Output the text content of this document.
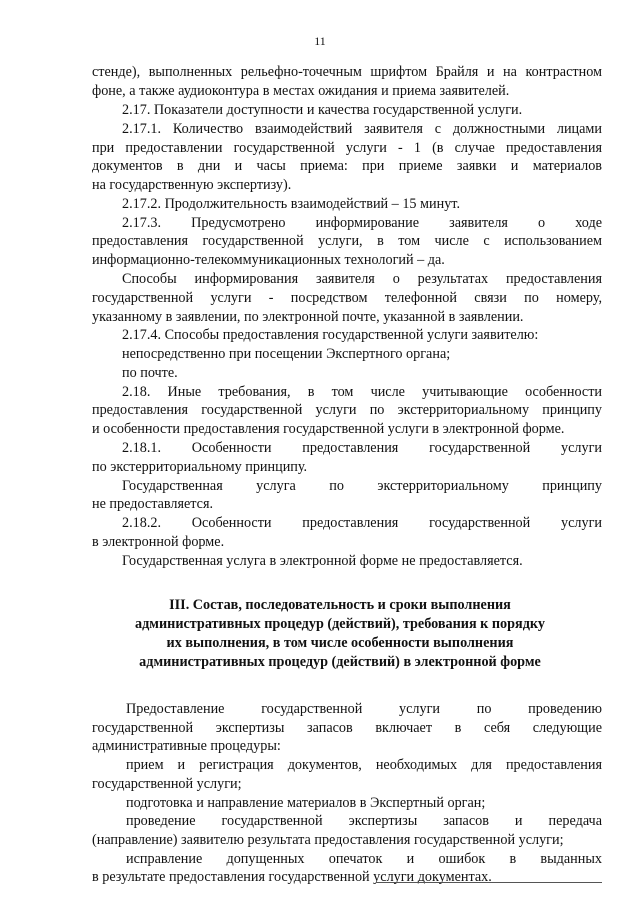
11
стенде), выполненных рельефно-точечным шрифтом Брайля и на контрастном
фоне, а также аудиоконтура в местах ожидания и приема заявителей.
2.17. Показатели доступности и качества государственной услуги.
2.17.1. Количество взаимодействий заявителя с должностными лицами
при предоставлении государственной услуги - 1 (в случае предоставления
документов в дни и часы приема: при приеме заявки и материалов
на государственную экспертизу).
2.17.2. Продолжительность взаимодействий – 15 минут.
2.17.3. Предусмотрено информирование заявителя о ходе
предоставления государственной услуги, в том числе с использованием
информационно-телекоммуникационных технологий – да.
Способы информирования заявителя о результатах предоставления
государственной услуги - посредством телефонной связи по номеру,
указанному в заявлении, по электронной почте, указанной в заявлении.
2.17.4. Способы предоставления государственной услуги заявителю:
непосредственно при посещении Экспертного органа;
по почте.
2.18. Иные требования, в том числе учитывающие особенности
предоставления государственной услуги по экстерриториальному принципу
и особенности предоставления государственной услуги в электронной форме.
2.18.1. Особенности предоставления государственной услуги
по экстерриториальному принципу.
Государственная услуга по экстерриториальному принципу
не предоставляется.
2.18.2. Особенности предоставления государственной услуги
в электронной форме.
Государственная услуга в электронной форме не предоставляется.
III. Состав, последовательность и сроки выполнения
административных процедур (действий), требования к порядку
их выполнения, в том числе особенности выполнения
административных процедур (действий) в электронной форме
Предоставление государственной услуги по проведению
государственной экспертизы запасов включает в себя следующие
административные процедуры:
прием и регистрация документов, необходимых для предоставления
государственной услуги;
подготовка и направление материалов в Экспертный орган;
проведение государственной экспертизы запасов и передача
(направление) заявителю результата предоставления государственной услуги;
исправление допущенных опечаток и ошибок в выданных
в результате предоставления государственной услуги документах.
